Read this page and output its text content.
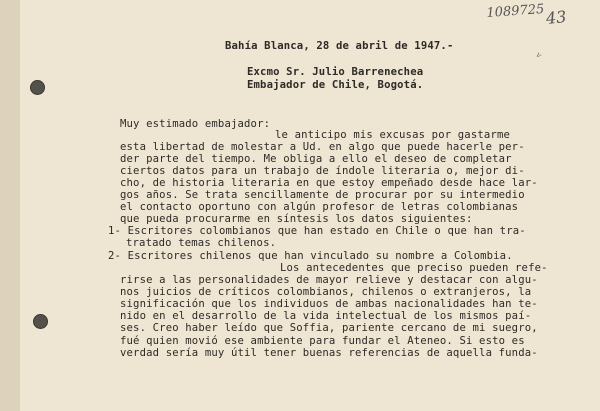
1089725 43
v
Bahía Blanca, 28 de abril de 1947.-
Excmo Sr. Julio Barrenechea
Embajador de Chile, Bogotá.
Muy estimado embajador:
le anticipo mis excusas por gastarme
esta libertad de molestar a Ud. en algo que puede hacerle per-
der parte del tiempo. Me obliga a ello el deseo de completar
ciertos datos para un trabajo de índole literaria o, mejor di-
cho, de historia literaria en que estoy empeñado desde hace lar-
gos años. Se trata sencillamente de procurar por su intermedio
el contacto oportuno con algún profesor de letras colombianas
que pueda procurarme en síntesis los datos siguientes:
1- Escritores colombianos que han estado en Chile o que han tra-
tratado temas chilenos.
2- Escritores chilenos que han vinculado su nombre a Colombia.
Los antecedentes que preciso pueden refe-
rirse a las personalidades de mayor relieve y destacar con algu-
nos juicios de críticos colombianos, chilenos o extranjeros, la
significación que los individuos de ambas nacionalidades han te-
nido en el desarrollo de la vida intelectual de los mismos paí-
ses. Creo haber leído que Soffia, pariente cercano de mi suegro,
fué quien movió ese ambiente para fundar el Ateneo. Si esto es
verdad sería muy útil tener buenas referencias de aquella funda-
